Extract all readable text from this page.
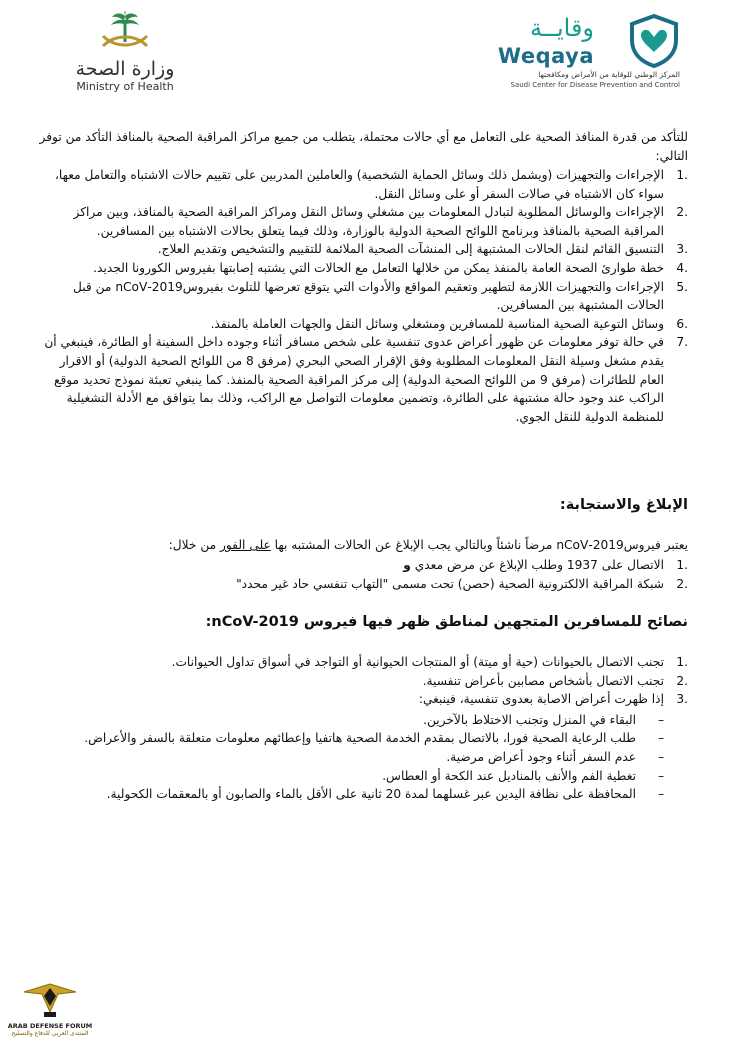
وزارة الصحة
Ministry of Health
وقايــة
Weqaya
المركز الوطني للوقاية من الأمراض ومكافحتها
Saudi Center for Disease Prevention and Control
للتأكد من قدرة المنافذ الصحية على التعامل مع أي حالات محتملة، يتطلب من جميع مراكز المراقبة الصحية بالمنافذ التأكد من توفر التالي:
1.
الإجراءات والتجهيزات (ويشمل ذلك وسائل الحماية الشخصية) والعاملين المدربين على تقييم حالات الاشتباه والتعامل معها، سواء كان الاشتباه في صالات السفر أو على وسائل النقل.
2.
الإجراءات والوسائل المطلوبة لتبادل المعلومات بين مشغلي وسائل النقل ومراكز المراقبة الصحية بالمنافذ، وبين مراكز المراقبة الصحية بالمنافذ وبرنامج اللوائح الصحية الدولية بالوزارة، وذلك فيما يتعلق بحالات الاشتباه بين المسافرين.
3.
التنسيق القائم لنقل الحالات المشتبهة إلى المنشآت الصحية الملائمة للتقييم والتشخيص وتقديم العلاج.
4.
خطة طوارئ الصحة العامة بالمنفذ يمكن من خلالها التعامل مع الحالات التي يشتبه إصابتها بفيروس الكورونا الجديد.
5.
الإجراءات والتجهيزات اللازمة لتطهير وتعقيم المواقع والأدوات التي يتوقع تعرضها للتلوث بفيروس2019-nCoV من قبل الحالات المشتبهة بين المسافرين.
6.
وسائل التوعية الصحية المناسبة للمسافرين ومشغلي وسائل النقل والجهات العاملة بالمنفذ.
7.
في حالة توفر معلومات عن ظهور أعراض عدوى تنفسية على شخص مسافر أثناء وجوده داخل السفينة أو الطائرة، فينبغي أن يقدم مشغل وسيلة النقل المعلومات المطلوبة وفق الإقرار الصحي البحري (مرفق 8 من اللوائح الصحية الدولية) أو الاقرار العام للطائرات (مرفق 9 من اللوائح الصحية الدولية) إلى مركز المراقبة الصحية بالمنفذ. كما ينبغي تعبئة نموذج تحديد موقع الراكب عند وجود حالة مشتبهة على الطائرة، وتضمين معلومات التواصل مع الراكب، وذلك بما يتوافق مع الأدلة التشغيلية للمنظمة الدولية للنقل الجوي.
الإبلاغ والاستجابة:
يعتبر فيروس2019-nCoV مرضاً ناشئاً وبالتالي يجب الإبلاغ عن الحالات المشتبه بها على الفور من خلال:
1.
الاتصال على 1937 وطلب الإبلاغ عن مرض معدي و
2.
شبكة المراقبة الالكترونية الصحية (حصن) تحت مسمى "التهاب تنفسي حاد غير محدد"
نصائح للمسافرين المتجهين لمناطق ظهر فيها فيروس nCoV-2019:
1.
تجنب الاتصال بالحيوانات (حية أو ميتة) أو المنتجات الحيوانية أو التواجد في أسواق تداول الحيوانات.
2.
تجنب الاتصال بأشخاص مصابين بأعراض تنفسية.
3.
إذا ظهرت أعراض الاصابة بعدوى تنفسية، فينبغي:
–
البقاء في المنزل وتجنب الاختلاط بالآخرين.
–
طلب الرعاية الصحية فورا، بالاتصال بمقدم الخدمة الصحية هاتفيا وإعطائهم معلومات متعلقة بالسفر والأعراض.
–
عدم السفر أثناء وجود أعراض مرضية.
–
تغطية الفم والأنف بالمناديل عند الكحة أو العطاس.
–
المحافظة على نظافة اليدين عبر غسلهما لمدة 20 ثانية على الأقل بالماء والصابون أو بالمعقمات الكحولية.
ARAB DEFENSE FORUM
المنتدى العربي للدفاع والتسليح
